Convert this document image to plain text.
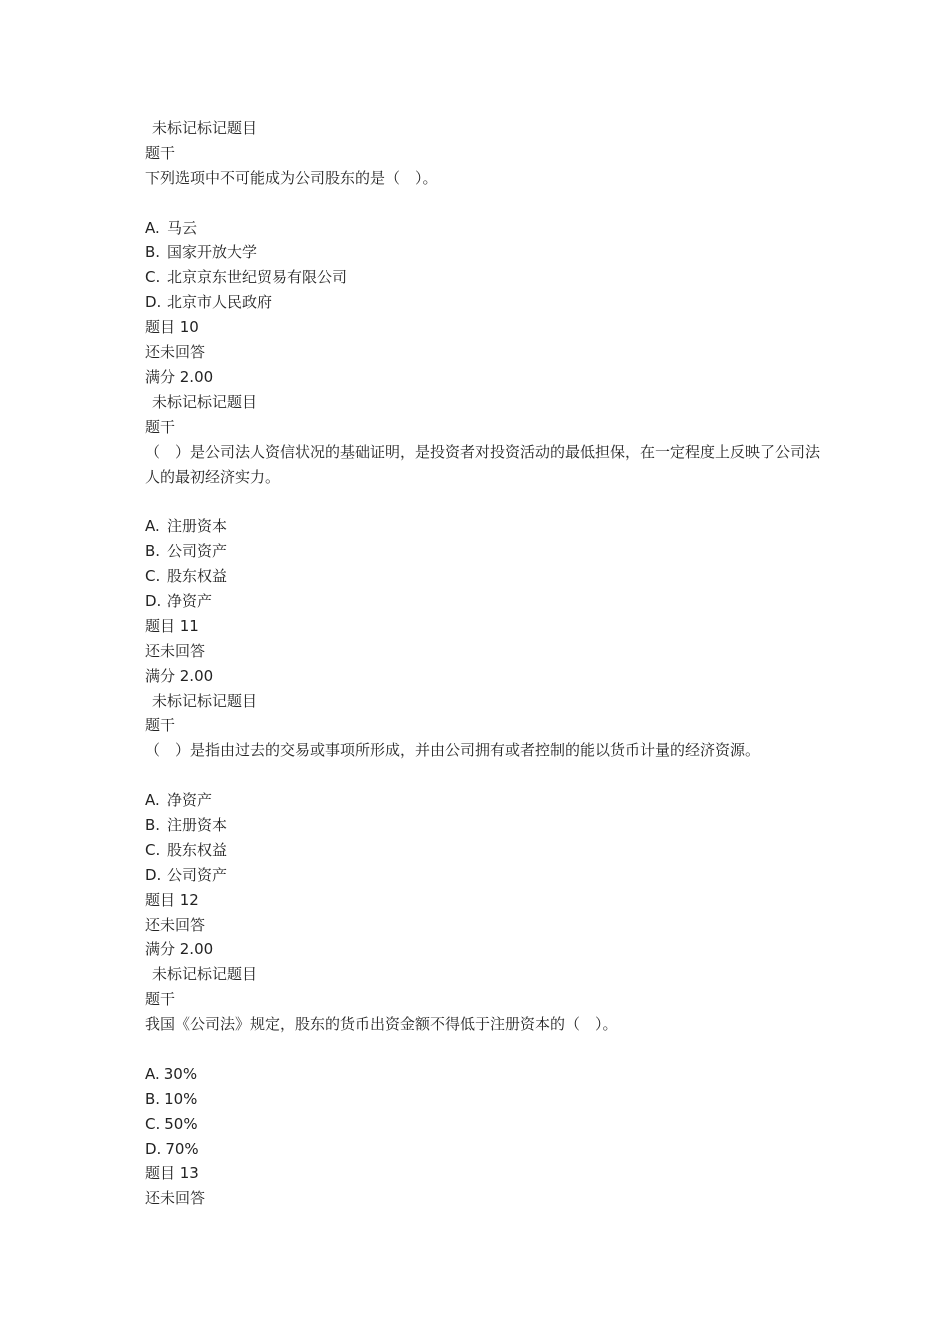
未标记标记题目
题干
下列选项中不可能成为公司股东的是（　）。
A. 马云
B. 国家开放大学
C. 北京京东世纪贸易有限公司
D. 北京市人民政府
题目 10
还未回答
满分 2.00
未标记标记题目
题干
（　）是公司法人资信状况的基础证明，是投资者对投资活动的最低担保，在一定程度上反映了公司法人的最初经济实力。
A. 注册资本
B. 公司资产
C. 股东权益
D. 净资产
题目 11
还未回答
满分 2.00
未标记标记题目
题干
（　）是指由过去的交易或事项所形成，并由公司拥有或者控制的能以货币计量的经济资源。
A. 净资产
B. 注册资本
C. 股东权益
D. 公司资产
题目 12
还未回答
满分 2.00
未标记标记题目
题干
我国《公司法》规定，股东的货币出资金额不得低于注册资本的（　）。
A. 30%
B. 10%
C. 50%
D. 70%
题目 13
还未回答
